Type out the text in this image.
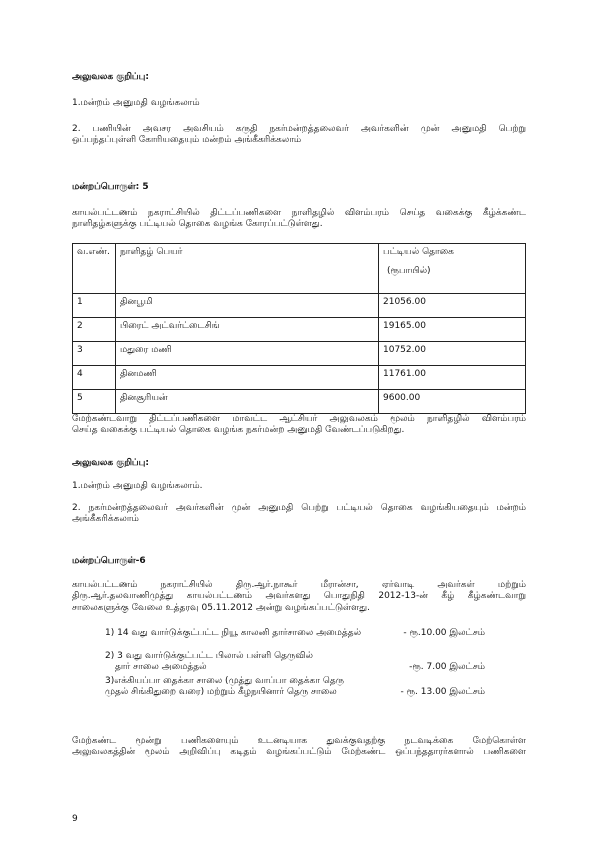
அலுவலக குறிப்பு:

1.மன்றம் அனுமதி வழங்கலாம்

2. பணியின் அவசர அவசியம் கருதி நகர்மன்றத்தலைவர் அவர்களின் முன் அனுமதி பெற்று
ஒப்பந்தப்புள்ளி கோரியதையும் மன்றம் அங்கீகரிக்கலாம்

மன்றப்பொருள்: 5

காயல்பட்டணம் நகராட்சியில் திட்டப்பணிகளை நாளிதழில் விளம்பரம் செய்த வகைக்கு கீழ்க்கண்ட
நாளிதழ்களுக்கு பட்டியல் தொகை வழங்க கோரப்பட்டுள்ளது.
வ.எண்.	நாளிதழ் பெயர்	பட்டியல் தொகை
(ரூபாயில்)

1	தினபூமி	21056.00
2	பிரைட் அட்வர்ட்டைசிங்	19165.00
3	மதுரை மணி	10752.00
4	தினமணி	11761.00
5	தினசூரியன்	9600.00
மேற்கண்டவாறு திட்டப்பணிகளை மாவட்ட ஆட்சியர் அலுவலகம் மூலம் நாளிதழில் விளம்பரம்
செய்த வகைக்கு பட்டியல் தொகை வழங்க நகர்மன்ற அனுமதி வேண்டப்படுகிறது.

அலுவலக குறிப்பு:

1.மன்றம் அனுமதி வழங்கலாம்.

2. நகர்மன்றத்தலைவர் அவர்களின் முன் அனுமதி பெற்று பட்டியல் தொகை வழங்கியதையும் மன்றம்
அங்கீகரிக்கலாம்

மன்றப்பொருள்-6

காயல்பட்டணம் நகராட்சியில் திரு.ஆர்.நாகூர் மீரான்சா, ஏர்வாடி அவர்கள் மற்றும்
திரு.ஆர்.தலவாணிமுத்து காயல்பட்டணம் அவர்களது பொதுநிதி 2012-13-ன் கீழ் கீழ்கண்டவாறு
சாலைகளுக்கு வேலை உத்தரவு 05.11.2012 அன்று வழங்கப்பட்டுள்ளது.
1) 14 வது வார்டுக்குட்பட்ட நியூ காலனி தார்சாலை அமைத்தல்	- ரூ.10.00 இலட்சம்
2) 3 வது வார்டுக்குட்பட்ட பிலால் பள்ளி தெருவில்
தார் சாலை அமைத்தல்	-ரூ. 7.00 இலட்சம்
3)எக்கியப்பா தைக்கா சாலை (முத்து வாப்பா தைக்கா தெரு
முதல் சிங்கிதுறை வரை) மற்றும் கீழநயினார் தெரு சாலை	- ரூ. 13.00 இலட்சம்
மேற்கண்ட மூன்று பணிகளையும் உடனடியாக துவக்குவதற்கு நடவடிக்கை மேற்கொள்ள
அலுவலகத்தின் மூலம் அறிவிப்பு கடிதம் வழங்கப்பட்டும் மேற்கண்ட ஒப்பந்ததாரர்களால் பணிகளை
9
